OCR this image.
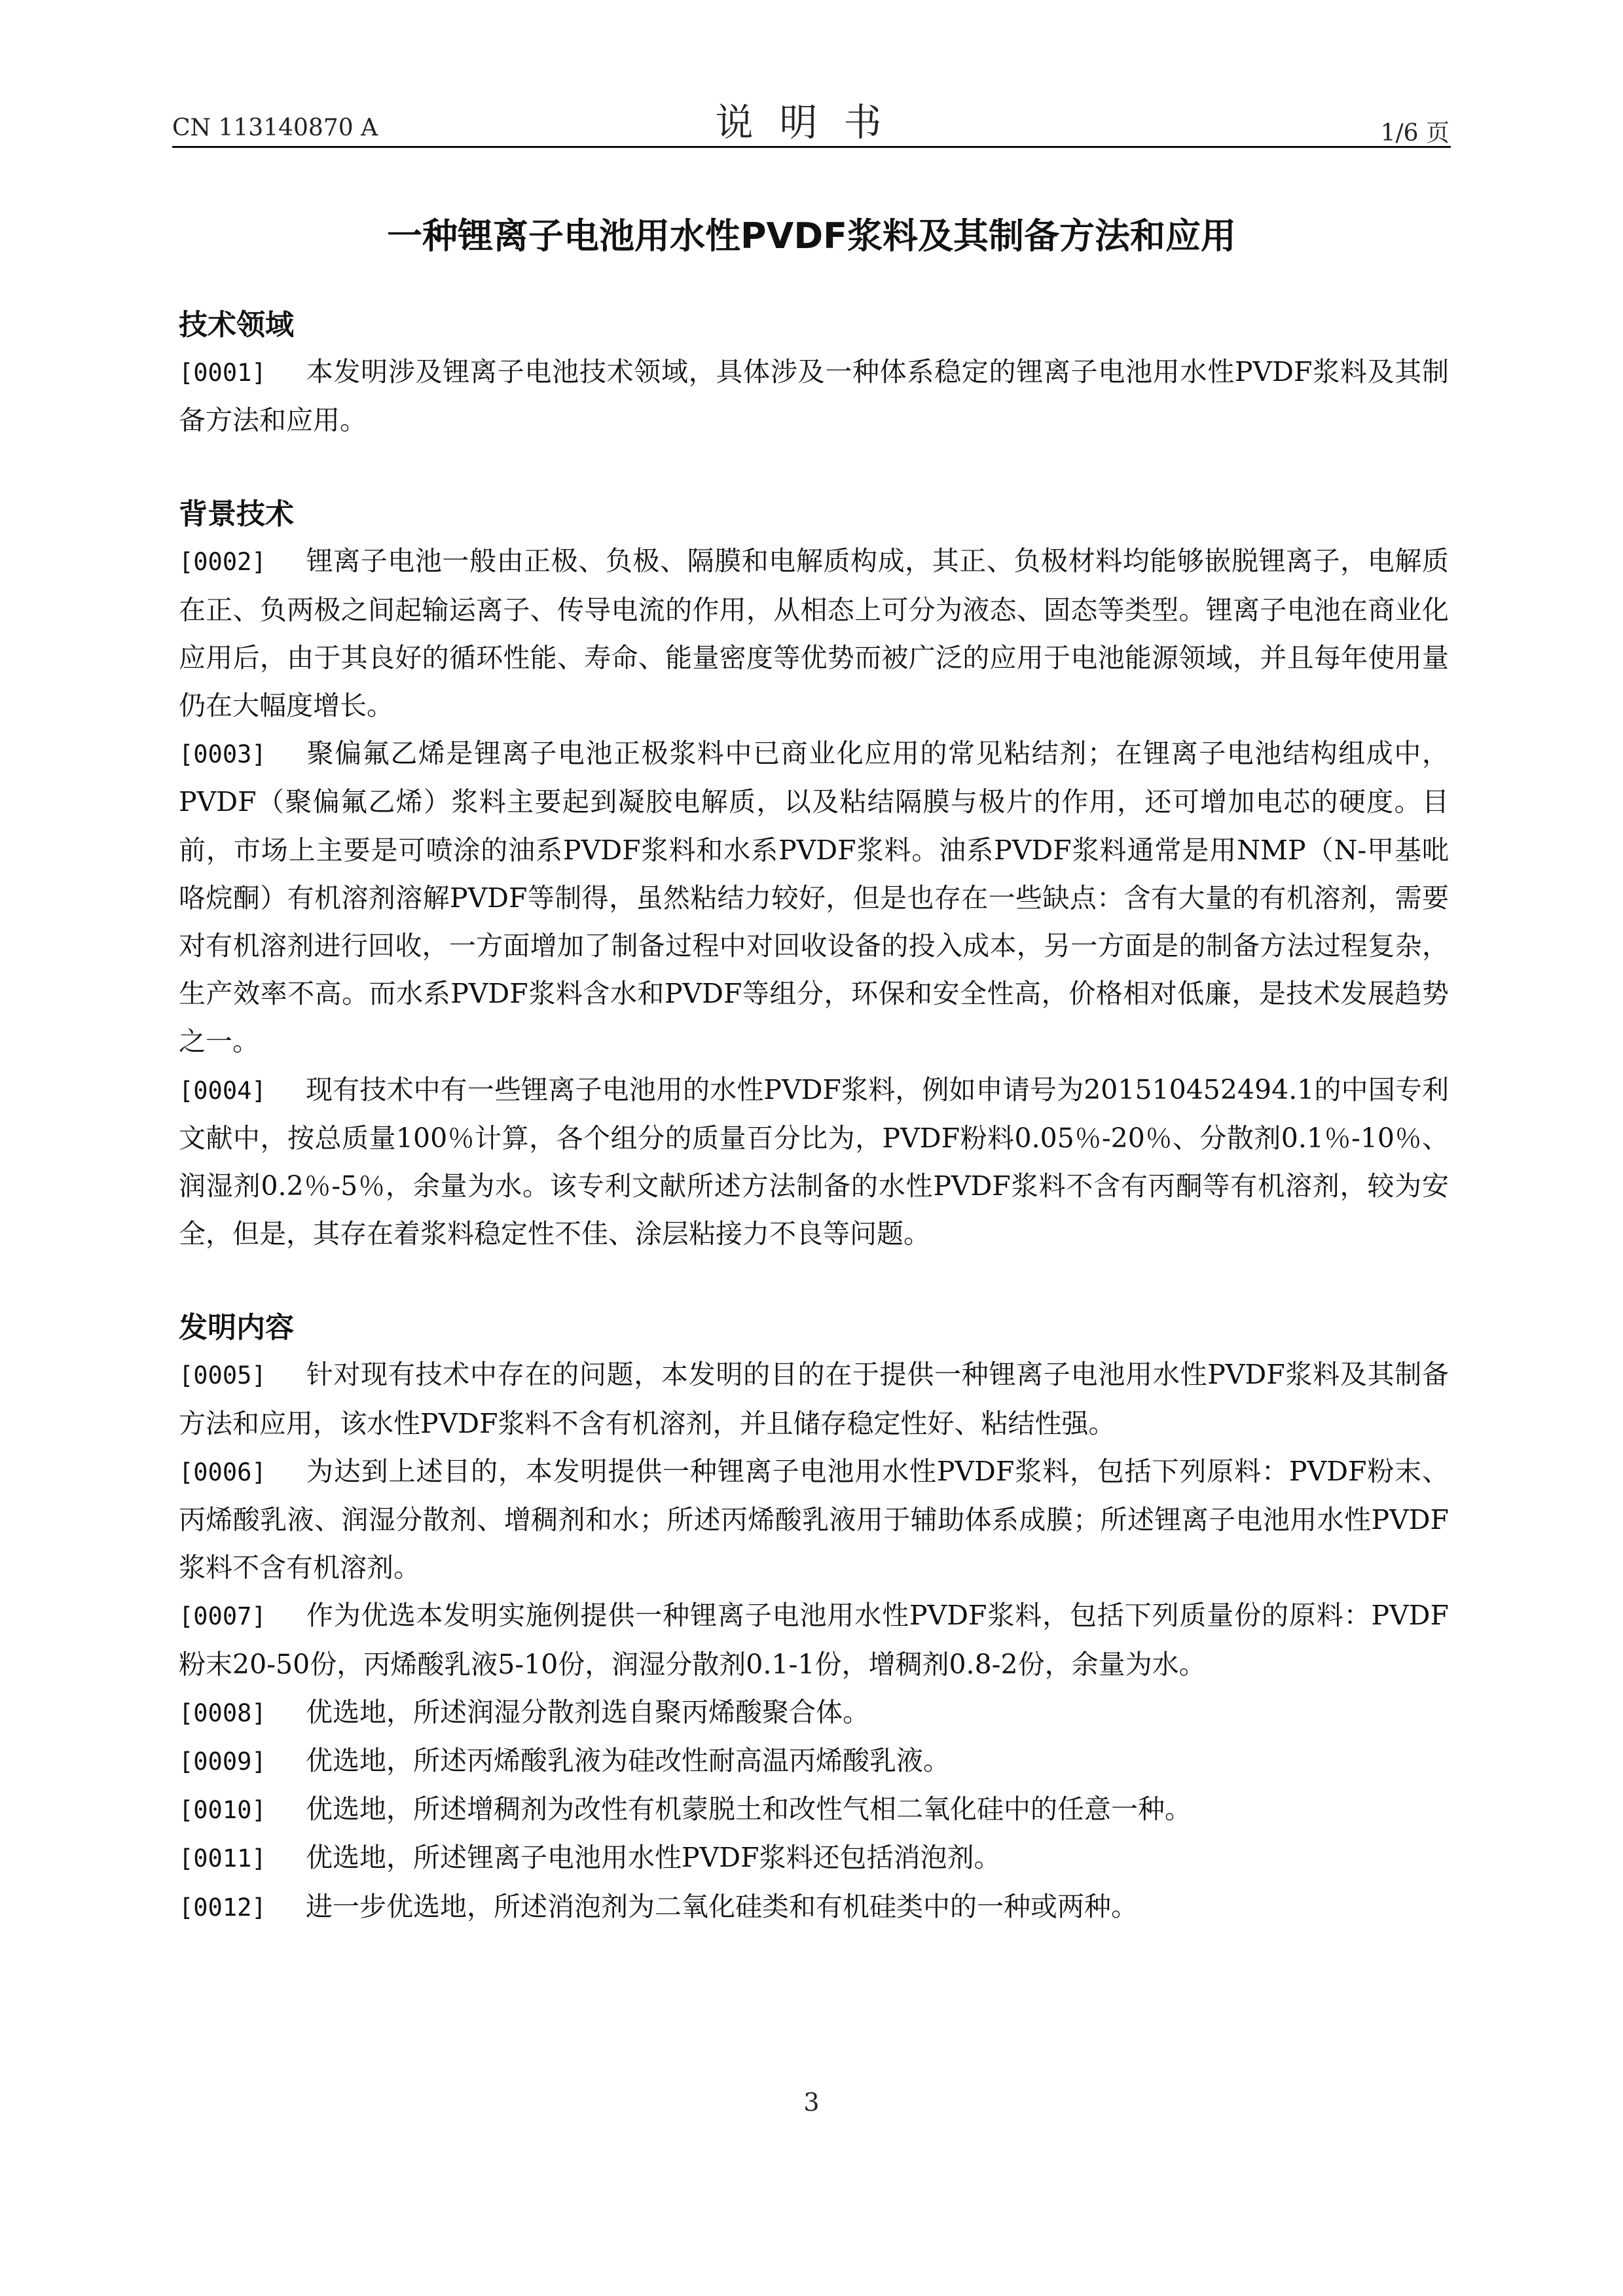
CN 113140870 A	说明书	1/6 页
一种锂离子电池用水性PVDF浆料及其制备方法和应用
技术领域

[0001] 本发明涉及锂离子电池技术领域，具体涉及一种体系稳定的锂离子电池用水性PVDF浆料及其制备方法和应用。

背景技术

[0002] 锂离子电池一般由正极、负极、隔膜和电解质构成，其正、负极材料均能够嵌脱锂离子，电解质在正、负两极之间起输运离子、传导电流的作用，从相态上可分为液态、固态等类型。锂离子电池在商业化应用后，由于其良好的循环性能、寿命、能量密度等优势而被广泛的应用于电池能源领域，并且每年使用量仍在大幅度增长。

[0003] 聚偏氟乙烯是锂离子电池正极浆料中已商业化应用的常见粘结剂；在锂离子电池结构组成中，PVDF（聚偏氟乙烯）浆料主要起到凝胶电解质，以及粘结隔膜与极片的作用，还可增加电芯的硬度。目前，市场上主要是可喷涂的油系PVDF浆料和水系PVDF浆料。油系PVDF浆料通常是用NMP（N-甲基吡咯烷酮）有机溶剂溶解PVDF等制得，虽然粘结力较好，但是也存在一些缺点：含有大量的有机溶剂，需要对有机溶剂进行回收，一方面增加了制备过程中对回收设备的投入成本，另一方面是的制备方法过程复杂，生产效率不高。而水系PVDF浆料含水和PVDF等组分，环保和安全性高，价格相对低廉，是技术发展趋势之一。

[0004] 现有技术中有一些锂离子电池用的水性PVDF浆料，例如申请号为201510452494.1的中国专利文献中，按总质量100％计算，各个组分的质量百分比为，PVDF粉料0.05％-20％、分散剂0.1％-10％、润湿剂0.2％-5％，余量为水。该专利文献所述方法制备的水性PVDF浆料不含有丙酮等有机溶剂，较为安全，但是，其存在着浆料稳定性不佳、涂层粘接力不良等问题。

发明内容

[0005] 针对现有技术中存在的问题，本发明的目的在于提供一种锂离子电池用水性PVDF浆料及其制备方法和应用，该水性PVDF浆料不含有机溶剂，并且储存稳定性好、粘结性强。

[0006] 为达到上述目的，本发明提供一种锂离子电池用水性PVDF浆料，包括下列原料：PVDF粉末、丙烯酸乳液、润湿分散剂、增稠剂和水；所述丙烯酸乳液用于辅助体系成膜；所述锂离子电池用水性PVDF浆料不含有机溶剂。

[0007] 作为优选本发明实施例提供一种锂离子电池用水性PVDF浆料，包括下列质量份的原料：PVDF粉末20-50份，丙烯酸乳液5-10份，润湿分散剂0.1-1份，增稠剂0.8-2份，余量为水。

[0008] 优选地，所述润湿分散剂选自聚丙烯酸聚合体。

[0009] 优选地，所述丙烯酸乳液为硅改性耐高温丙烯酸乳液。

[0010] 优选地，所述增稠剂为改性有机蒙脱土和改性气相二氧化硅中的任意一种。

[0011] 优选地，所述锂离子电池用水性PVDF浆料还包括消泡剂。

[0012] 进一步优选地，所述消泡剂为二氧化硅类和有机硅类中的一种或两种。

3
